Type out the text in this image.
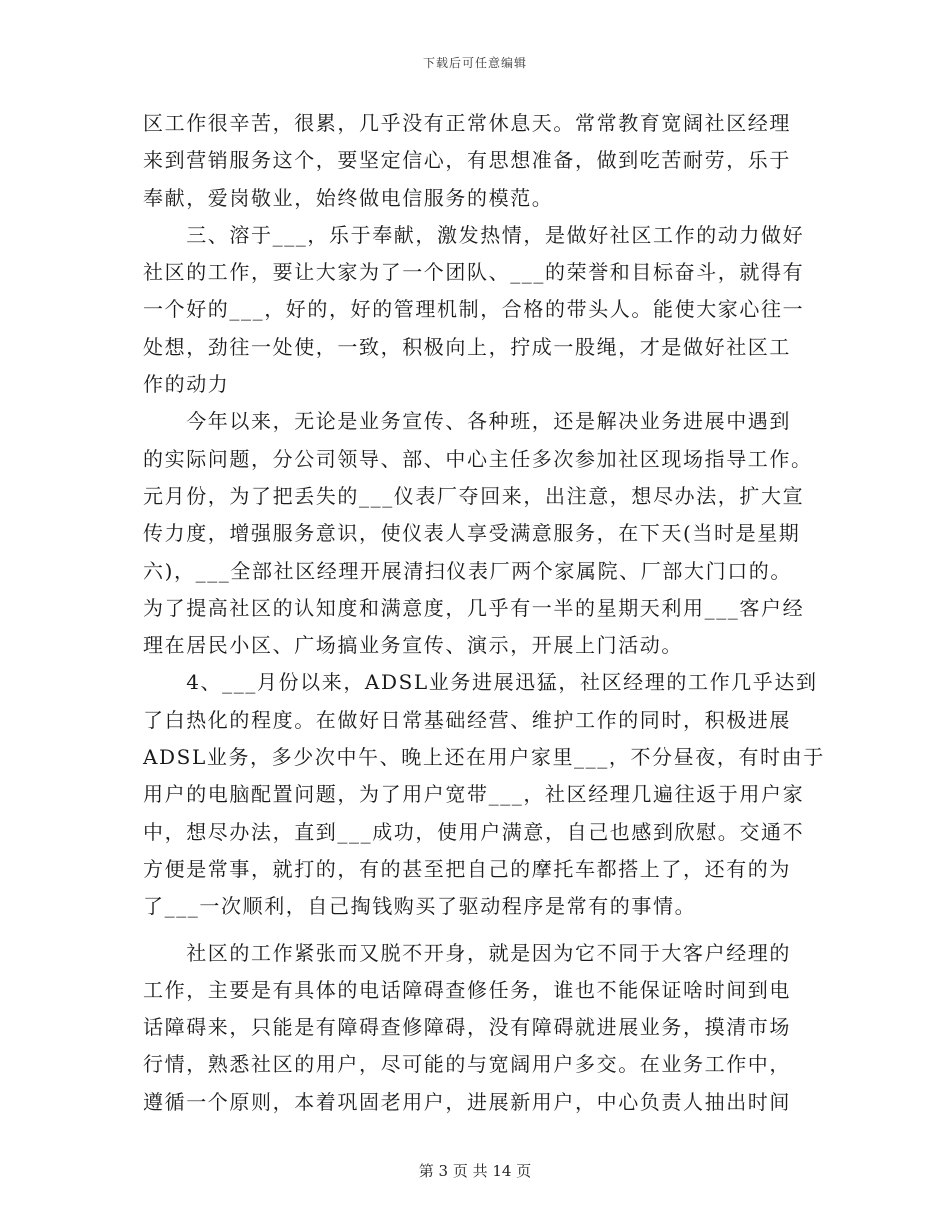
下载后可任意编辑
区工作很辛苦，很累，几乎没有正常休息天。常常教育宽阔社区经理
来到营销服务这个，要坚定信心，有思想准备，做到吃苦耐劳，乐于
奉献，爱岗敬业，始终做电信服务的模范。
　　三、溶于___，乐于奉献，激发热情，是做好社区工作的动力做好
社区的工作，要让大家为了一个团队、___的荣誉和目标奋斗，就得有
一个好的___，好的，好的管理机制，合格的带头人。能使大家心往一
处想，劲往一处使，一致，积极向上，拧成一股绳，才是做好社区工
作的动力
　　今年以来，无论是业务宣传、各种班，还是解决业务进展中遇到
的实际问题，分公司领导、部、中心主任多次参加社区现场指导工作。
元月份，为了把丢失的___仪表厂夺回来，出注意，想尽办法，扩大宣
传力度，增强服务意识，使仪表人享受满意服务，在下天(当时是星期
六)，___全部社区经理开展清扫仪表厂两个家属院、厂部大门口的。
为了提高社区的认知度和满意度，几乎有一半的星期天利用___客户经
理在居民小区、广场搞业务宣传、演示，开展上门活动。
　　4、___月份以来，ADSL业务进展迅猛，社区经理的工作几乎达到
了白热化的程度。在做好日常基础经营、维护工作的同时，积极进展
ADSL业务，多少次中午、晚上还在用户家里___，不分昼夜，有时由于
用户的电脑配置问题，为了用户宽带___，社区经理几遍往返于用户家
中，想尽办法，直到___成功，使用户满意，自己也感到欣慰。交通不
方便是常事，就打的，有的甚至把自己的摩托车都搭上了，还有的为
了___一次顺利，自己掏钱购买了驱动程序是常有的事情。
　　社区的工作紧张而又脱不开身，就是因为它不同于大客户经理的
工作，主要是有具体的电话障碍查修任务，谁也不能保证啥时间到电
话障碍来，只能是有障碍查修障碍，没有障碍就进展业务，摸清市场
行情，熟悉社区的用户，尽可能的与宽阔用户多交。在业务工作中，
遵循一个原则，本着巩固老用户，进展新用户，中心负责人抽出时间
第 3 页 共 14 页
